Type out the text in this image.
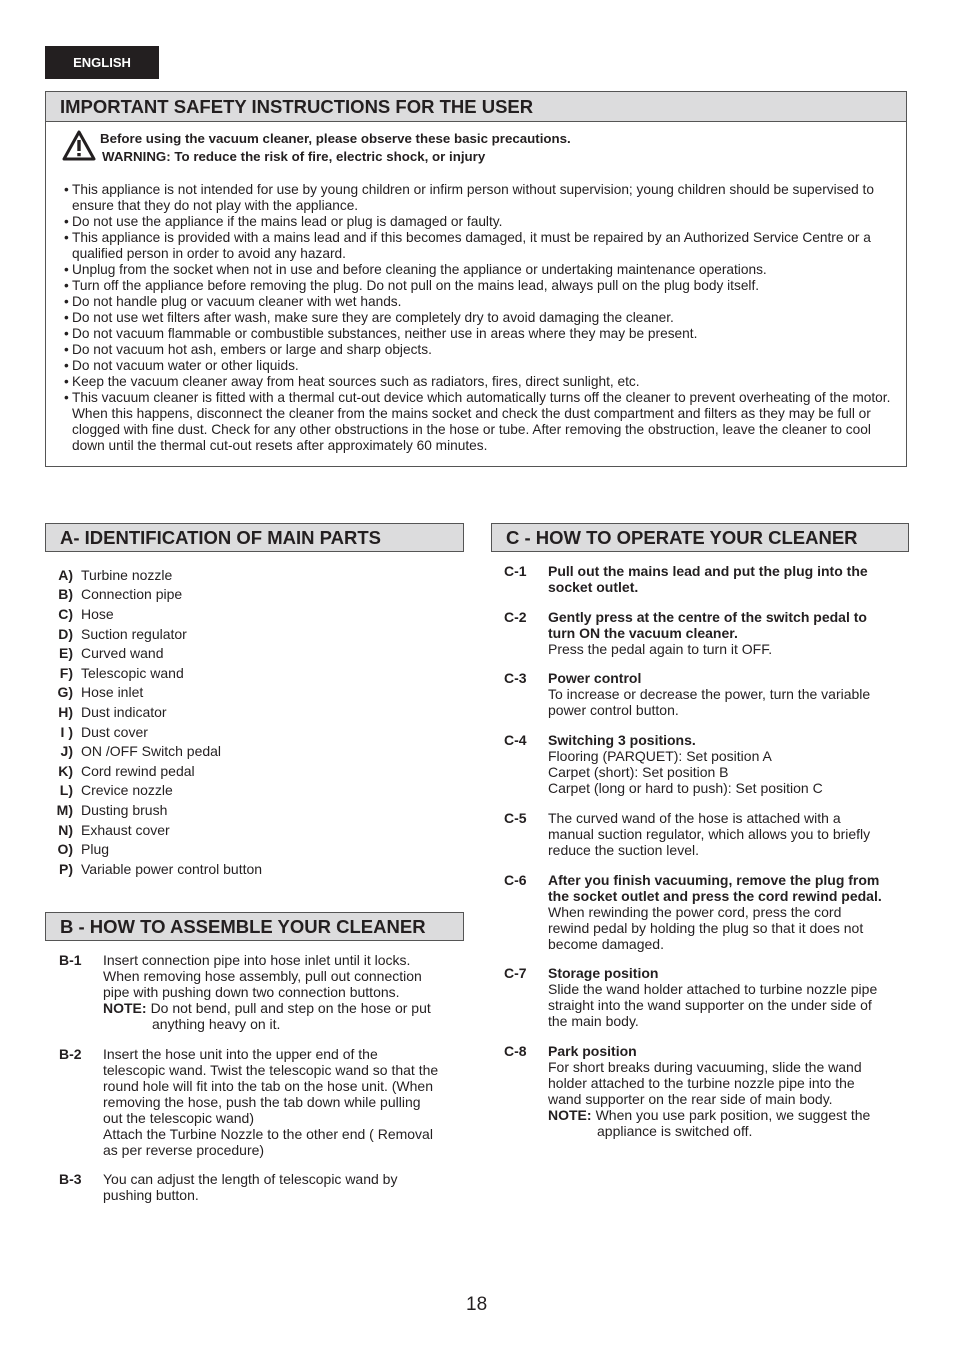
ENGLISH
IMPORTANT SAFETY INSTRUCTIONS FOR THE USER
Before using the vacuum cleaner, please observe these basic precautions.
WARNING: To reduce the risk of fire, electric shock, or injury
• This appliance is not intended for use by young children or infirm person without supervision; young children should be supervised to ensure that they do not play with the appliance.
• Do not use the appliance if the mains lead or plug is damaged or faulty.
• This appliance is provided with a mains lead and if this becomes damaged, it must be repaired by an Authorized Service Centre or a qualified person in order to avoid any hazard.
• Unplug from the socket when not in use and before cleaning the appliance or undertaking maintenance operations.
• Turn off the appliance before removing the plug. Do not pull on the mains lead, always pull on the plug body itself.
• Do not handle plug or vacuum cleaner with wet hands.
• Do not use wet filters after wash, make sure they are completely dry to avoid damaging the cleaner.
• Do not vacuum flammable or combustible substances, neither use in areas where they may be present.
• Do not vacuum hot ash, embers or large and sharp objects.
• Do not vacuum water or other liquids.
• Keep the vacuum cleaner away from heat sources such as radiators, fires, direct sunlight, etc.
• This vacuum cleaner is fitted with a thermal cut-out device which automatically turns off the cleaner to prevent overheating of the motor. When this happens, disconnect the cleaner from the mains socket and check the dust compartment and filters as they may be full or clogged with fine dust. Check for any other obstructions in the hose or tube. After removing the obstruction, leave the cleaner to cool down until the thermal cut-out resets after approximately 60 minutes.
A- IDENTIFICATION OF MAIN PARTS
A) Turbine nozzle
B) Connection pipe
C) Hose
D) Suction regulator
E) Curved wand
F) Telescopic wand
G) Hose inlet
H) Dust indicator
I ) Dust cover
J) ON /OFF Switch pedal
K) Cord rewind pedal
L) Crevice nozzle
M) Dusting brush
N) Exhaust cover
O) Plug
P) Variable power control button
B - HOW TO ASSEMBLE YOUR CLEANER
B-1	Insert connection pipe into hose inlet until it locks.
When removing hose assembly, pull out connection
pipe with pushing down two connection buttons.
NOTE: Do not bend, pull and step on the hose or put
anything heavy on it.
B-2	Insert the hose unit into the upper end of the
telescopic wand. Twist the telescopic wand so that the
round hole will fit into the tab on the hose unit. (When
removing the hose, push the tab down while pulling
out the telescopic wand)
Attach the Turbine Nozzle to the other end ( Removal
as per reverse procedure)
B-3	You can adjust the length of telescopic wand by
pushing button.
C - HOW TO OPERATE YOUR CLEANER
C-1	Pull out the mains lead and put the plug into the
socket outlet.
C-2	Gently press at the centre of the switch pedal to
turn ON the vacuum cleaner.
Press the pedal again to turn it OFF.
C-3	Power control
To increase or decrease the power, turn the variable
power control button.
C-4	Switching 3 positions.
Flooring (PARQUET): Set position A
Carpet (short): Set position B
Carpet (long or hard to push): Set position C
C-5	The curved wand of the hose is attached with a
manual suction regulator, which allows you to briefly
reduce the suction level.
C-6	After you finish vacuuming, remove the plug from
the socket outlet and press the cord rewind pedal.
When rewinding the power cord, press the cord
rewind pedal by holding the plug so that it does not
become damaged.
C-7	Storage position
Slide the wand holder attached to turbine nozzle pipe
straight into the wand supporter on the under side of
the main body.
C-8	Park position
For short breaks during vacuuming, slide the wand
holder attached to the turbine nozzle pipe into the
wand supporter on the rear side of main body.
NOTE: When you use park position, we suggest the
appliance is switched off.
18
